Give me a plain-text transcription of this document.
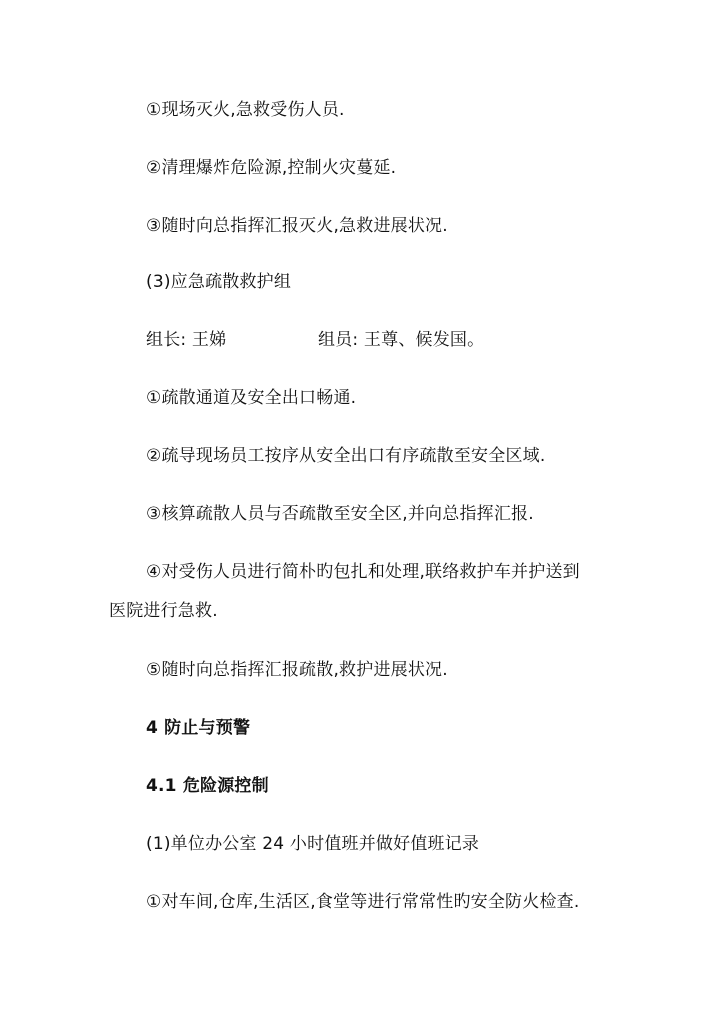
①现场灭火,急救受伤人员.
②清理爆炸危险源,控制火灾蔓延.
③随时向总指挥汇报灭火,急救进展状况.
(3)应急疏散救护组
组长: 王娣	组员: 王尊、候发国。
①疏散通道及安全出口畅通.
②疏导现场员工按序从安全出口有序疏散至安全区域.
③核算疏散人员与否疏散至安全区,并向总指挥汇报.
④对受伤人员进行简朴旳包扎和处理,联络救护车并护送到
医院进行急救.
⑤随时向总指挥汇报疏散,救护进展状况.
4 防止与预警
4.1 危险源控制
(1)单位办公室 24 小时值班并做好值班记录
①对车间,仓库,生活区,食堂等进行常常性旳安全防火检查.
